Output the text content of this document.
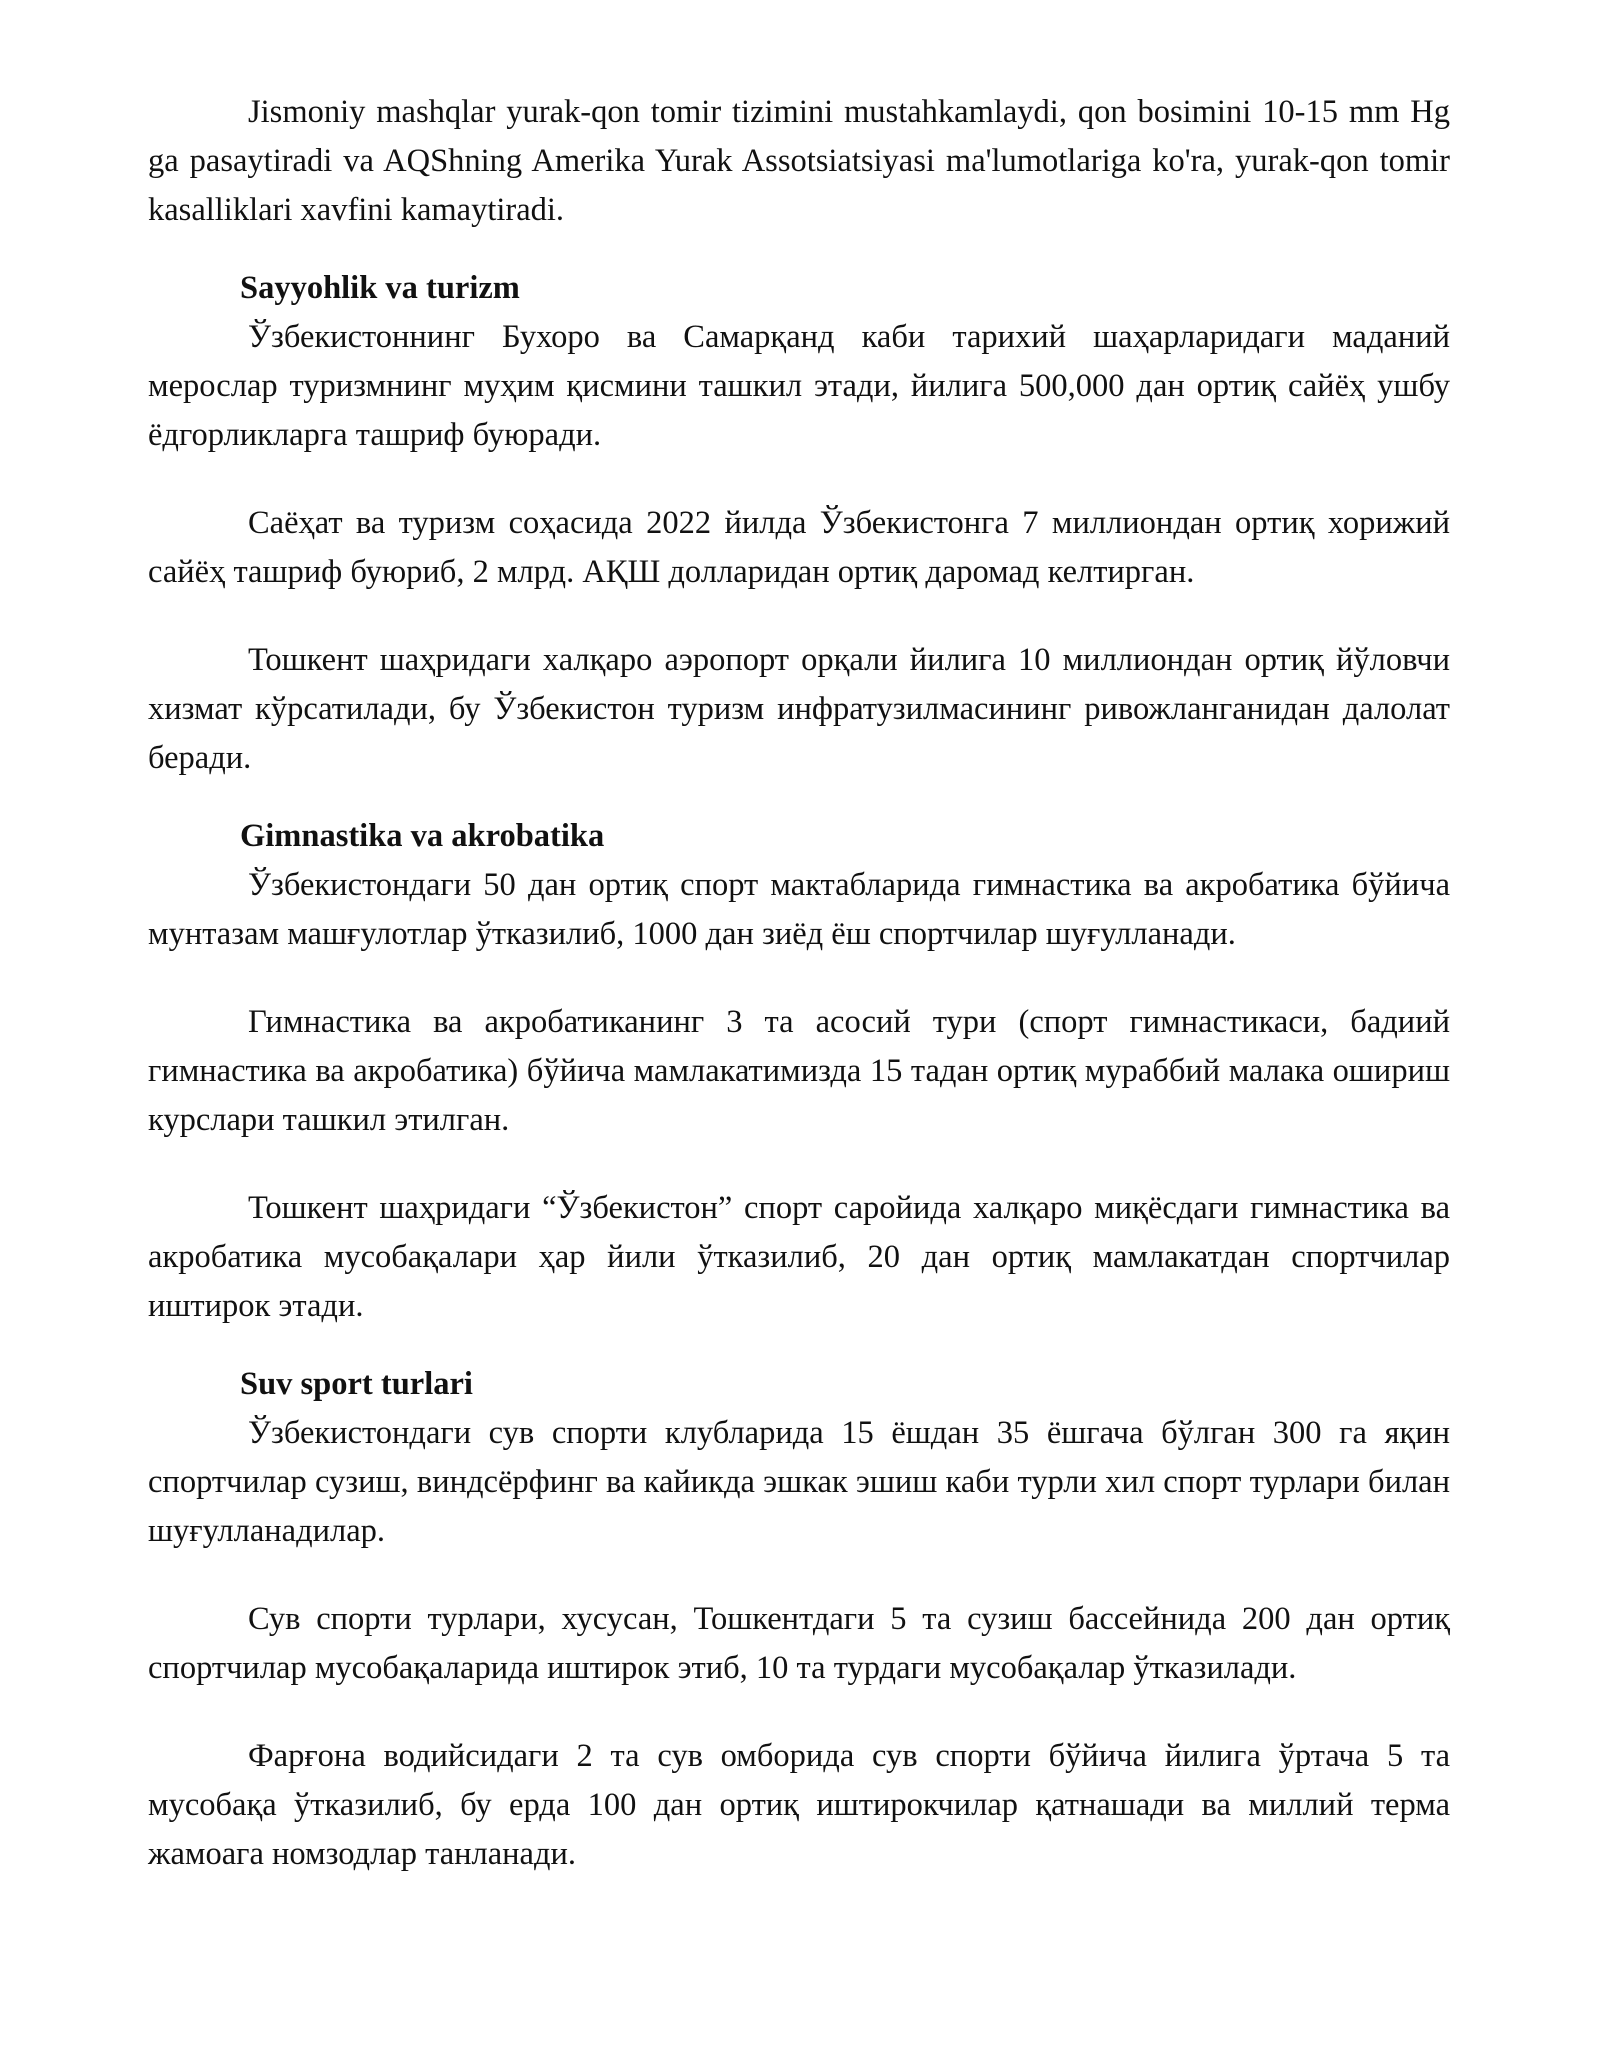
Jismoniy mashqlar yurak-qon tomir tizimini mustahkamlaydi, qon bosimini 10-15 mm Hg ga pasaytiradi va AQShning Amerika Yurak Assotsiatsiyasi ma'lumotlariga ko'ra, yurak-qon tomir kasalliklari xavfini kamaytiradi.

Sayyohlik va turizm

Ўзбекистоннинг Бухоро ва Самарқанд каби тарихий шаҳарларидаги маданий мерослар туризмнинг муҳим қисмини ташкил этади, йилига 500,000 дан ортиқ сайёҳ ушбу ёдгорликларга ташриф буюради.

Саёҳат ва туризм соҳасида 2022 йилда Ўзбекистонга 7 миллиондан ортиқ хорижий сайёҳ ташриф буюриб, 2 млрд. АҚШ долларидан ортиқ даромад келтирган.

Тошкент шаҳридаги халқаро аэропорт орқали йилига 10 миллиондан ортиқ йўловчи хизмат кўрсатилади, бу Ўзбекистон туризм инфратузилмасининг ривожланганидан далолат беради.

Gimnastika va akrobatika

Ўзбекистондаги 50 дан ортиқ спорт мактабларида гимнастика ва акробатика бўйича мунтазам машғулотлар ўтказилиб, 1000 дан зиёд ёш спортчилар шуғулланади.

Гимнастика ва акробатиканинг 3 та асосий тури (спорт гимнастикаси, бадиий гимнастика ва акробатика) бўйича мамлакатимизда 15 тадан ортиқ мураббий малака ошириш курслари ташкил этилган.

Тошкент шаҳридаги “Ўзбекистон” спорт саройида халқаро миқёсдаги гимнастика ва акробатика мусобақалари ҳар йили ўтказилиб, 20 дан ортиқ мамлакатдан спортчилар иштирок этади.

Suv sport turlari

Ўзбекистондаги сув спорти клубларида 15 ёшдан 35 ёшгача бўлган 300 га яқин спортчилар сузиш, виндсёрфинг ва кайикда эшкак эшиш каби турли хил спорт турлари билан шуғулланадилар.

Сув спорти турлари, хусусан, Тошкентдаги 5 та сузиш бассейнида 200 дан ортиқ спортчилар мусобақаларида иштирок этиб, 10 та турдаги мусобақалар ўтказилади.

Фарғона водийсидаги 2 та сув омборида сув спорти бўйича йилига ўртача 5 та мусобақа ўтказилиб, бу ерда 100 дан ортиқ иштирокчилар қатнашади ва миллий терма жамоага номзодлар танланади.
